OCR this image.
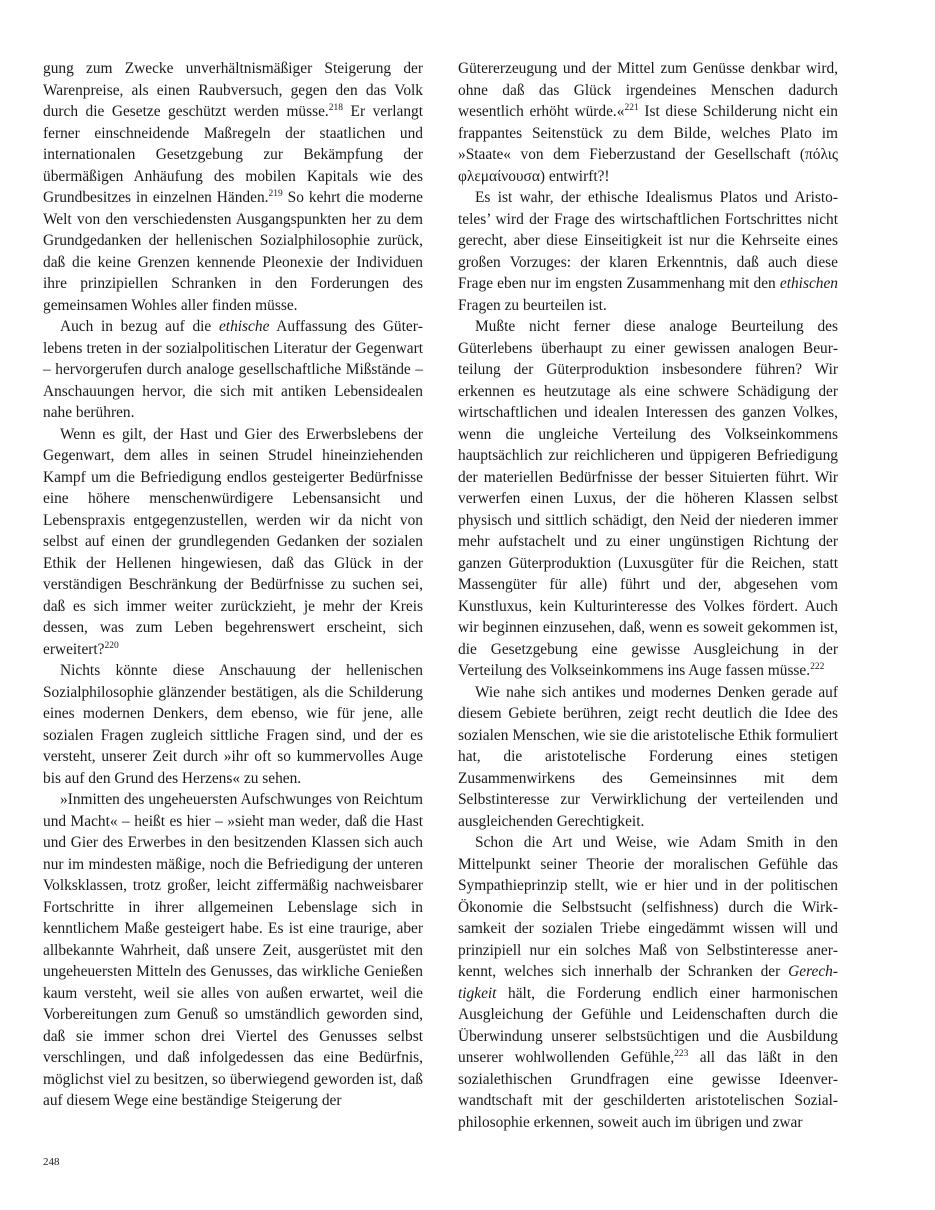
gung zum Zwecke unverhältnismäßiger Steigerung der Warenpreise, als einen Raubversuch, gegen den das Volk durch die Gesetze geschützt werden müsse.$^{218}$ Er verlangt ferner einschneidende Maßregeln der staatlichen und internationalen Gesetzgebung zur Bekämpfung der übermäßigen Anhäufung des mobilen Kapitals wie des Grundbesitzes in einzelnen Händen.$^{219}$ So kehrt die moderne Welt von den verschiedensten Ausgangspunkten her zu dem Grundgedanken der hellenischen Sozialphilosophie zurück, daß die keine Grenzen kennende Pleonexie der Individuen ihre prinzipiellen Schranken in den Forderungen des gemeinsamen Wohles aller finden müsse.

Auch in bezug auf die ethische Auffassung des Güterlebens treten in der sozialpolitischen Literatur der Gegenwart – hervorgerufen durch analoge gesellschaftliche Mißstände – Anschauungen hervor, die sich mit antiken Lebensidealen nahe berühren.

Wenn es gilt, der Hast und Gier des Erwerbslebens der Gegenwart, dem alles in seinen Strudel hineinziehenden Kampf um die Befriedigung endlos gesteigerter Bedürfnisse eine höhere menschenwürdigere Lebensansicht und Lebenspraxis entgegenzustellen, werden wir da nicht von selbst auf einen der grundlegenden Gedanken der sozialen Ethik der Hellenen hingewiesen, daß das Glück in der verständigen Beschränkung der Bedürfnisse zu suchen sei, daß es sich immer weiter zurückzieht, je mehr der Kreis dessen, was zum Leben begehrenswert erscheint, sich erweitert?$^{220}$

Nichts könnte diese Anschauung der hellenischen Sozialphilosophie glänzender bestätigen, als die Schilderung eines modernen Denkers, dem ebenso, wie für jene, alle sozialen Fragen zugleich sittliche Fragen sind, und der es versteht, unserer Zeit durch »ihr oft so kummervolles Auge bis auf den Grund des Herzens« zu sehen.

»Inmitten des ungeheuersten Aufschwunges von Reichtum und Macht« – heißt es hier – »sieht man weder, daß die Hast und Gier des Erwerbes in den besitzenden Klassen sich auch nur im mindesten mäßige, noch die Befriedigung der unteren Volksklassen, trotz großer, leicht ziffermäßig nachweisbarer Fortschritte in ihrer allgemeinen Lebenslage sich in kenntlichem Maße gesteigert habe. Es ist eine traurige, aber allbekannte Wahrheit, daß unsere Zeit, ausgerüstet mit den ungeheuersten Mitteln des Genusses, das wirkliche Genießen kaum versteht, weil sie alles von außen erwartet, weil die Vorbereitungen zum Genuß so umständlich geworden sind, daß sie immer schon drei Viertel des Genusses selbst verschlingen, und daß infolgedessen das eine Bedürfnis, möglichst viel zu besitzen, so überwiegend geworden ist, daß auf diesem Wege eine beständige Steigerung der

Gütererzeugung und der Mittel zum Genüsse denkbar wird, ohne daß das Glück irgendeines Menschen dadurch wesentlich erhöht würde.«$^{221}$ Ist diese Schilderung nicht ein frappantes Seitenstück zu dem Bilde, welches Plato im »Staate« von dem Fieberzustand der Gesellschaft (πόλις φλεμαίνουσα) entwirft?!

Es ist wahr, der ethische Idealismus Platos und Aristoteles’ wird der Frage des wirtschaftlichen Fortschrittes nicht gerecht, aber diese Einseitigkeit ist nur die Kehrseite eines großen Vorzuges: der klaren Erkenntnis, daß auch diese Frage eben nur im engsten Zusammenhang mit den ethischen Fragen zu beurteilen ist.

Mußte nicht ferner diese analoge Beurteilung des Güterlebens überhaupt zu einer gewissen analogen Beurteilung der Güterproduktion insbesondere führen? Wir erkennen es heutzutage als eine schwere Schädigung der wirtschaftlichen und idealen Interessen des ganzen Volkes, wenn die ungleiche Verteilung des Volkseinkommens hauptsächlich zur reichlicheren und üppigeren Befriedigung der materiellen Bedürfnisse der besser Situierten führt. Wir verwerfen einen Luxus, der die höheren Klassen selbst physisch und sittlich schädigt, den Neid der niederen immer mehr aufstachelt und zu einer ungünstigen Richtung der ganzen Güterproduktion (Luxusgüter für die Reichen, statt Massengüter für alle) führt und der, abgesehen vom Kunstluxus, kein Kulturinteresse des Volkes fördert. Auch wir beginnen einzusehen, daß, wenn es soweit gekommen ist, die Gesetzgebung eine gewisse Ausgleichung in der Verteilung des Volkseinkommens ins Auge fassen müsse.$^{222}$

Wie nahe sich antikes und modernes Denken gerade auf diesem Gebiete berühren, zeigt recht deutlich die Idee des sozialen Menschen, wie sie die aristotelische Ethik formuliert hat, die aristotelische Forderung eines stetigen Zusammenwirkens des Gemeinsinnes mit dem Selbstinteresse zur Verwirklichung der verteilenden und ausgleichenden Gerechtigkeit.

Schon die Art und Weise, wie Adam Smith in den Mittelpunkt seiner Theorie der moralischen Gefühle das Sympathieprinzip stellt, wie er hier und in der politischen Ökonomie die Selbstsucht (selfishness) durch die Wirksamkeit der sozialen Triebe eingedämmt wissen will und prinzipiell nur ein solches Maß von Selbstinteresse anerkennt, welches sich innerhalb der Schranken der Gerechtigkeit hält, die Forderung endlich einer harmonischen Ausgleichung der Gefühle und Leidenschaften durch die Überwindung unserer selbstsüchtigen und die Ausbildung unserer wohlwollenden Gefühle,$^{223}$ all das läßt in den sozialethischen Grundfragen eine gewisse Ideenverwandtschaft mit der geschilderten aristotelischen Sozialphilosophie erkennen, soweit auch im übrigen und zwar

248
